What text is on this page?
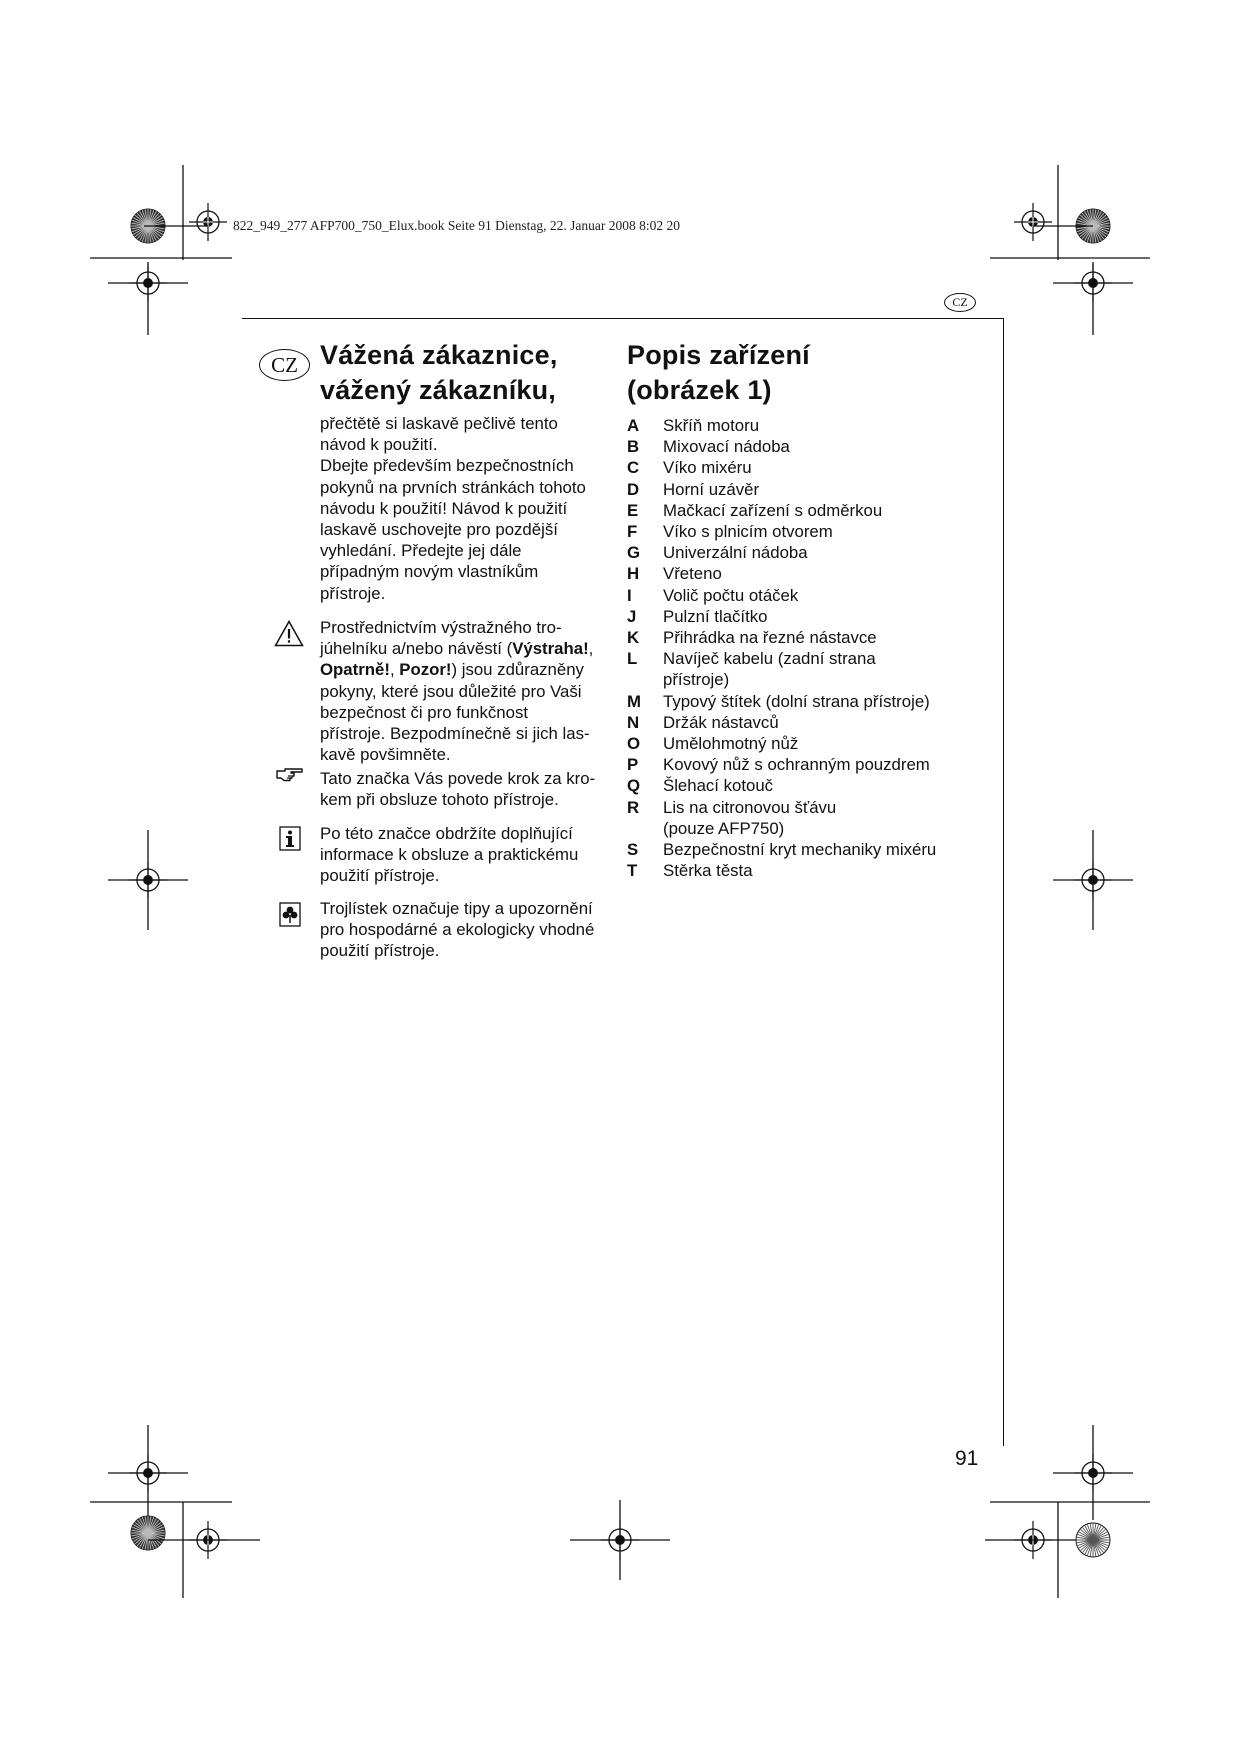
822_949_277 AFP700_750_Elux.book Seite 91 Dienstag, 22. Januar 2008 8:02 20
CZ
CZ Vážená zákaznice,
vážený zákazníku,

přečtětě si laskavě pečlivě tento

návod k použití.

Dbejte především bezpečnostních

pokynů na prvních stránkách tohoto

návodu k použití! Návod k použití

laskavě uschovejte pro pozdější

vyhledání. Předejte jej dále

případným novým vlastníkům

přístroje.

Prostřednictvím výstražného tro-

júhelníku a/nebo návěstí (Výstraha!,

Opatrně!, Pozor!) jsou zdůrazněny

pokyny, které jsou důležité pro Vaši

bezpečnost či pro funkčnost

přístroje. Bezpodmínečně si jich las-

kavě povšimněte.

Tato značka Vás povede krok za kro-

kem při obsluze tohoto přístroje.

Po této značce obdržíte doplňující

informace k obsluze a praktickému

použití přístroje.

Trojlístek označuje tipy a upozornění

pro hospodárné a ekologicky vhodné

použití přístroje.

Popis zařízení
(obrázek 1)
A	Skříň motoru
B	Mixovací nádoba
C	Víko mixéru
D	Horní uzávěr
E	Mačkací zařízení s odměrkou
F	Víko s plnicím otvorem
G	Univerzální nádoba
H	Vřeteno
I	Volič počtu otáček
J	Pulzní tlačítko
K	Přihrádka na řezné nástavce
L	Navíječ kabelu (zadní strana
přístroje)
M	Typový štítek (dolní strana přístroje)
N	Držák nástavců
O	Umělohmotný nůž
P	Kovový nůž s ochranným pouzdrem
Q	Šlehací kotouč
R	Lis na citronovou šťávu
(pouze AFP750)
S	Bezpečnostní kryt mechaniky mixéru
T	Stěrka těsta
91
